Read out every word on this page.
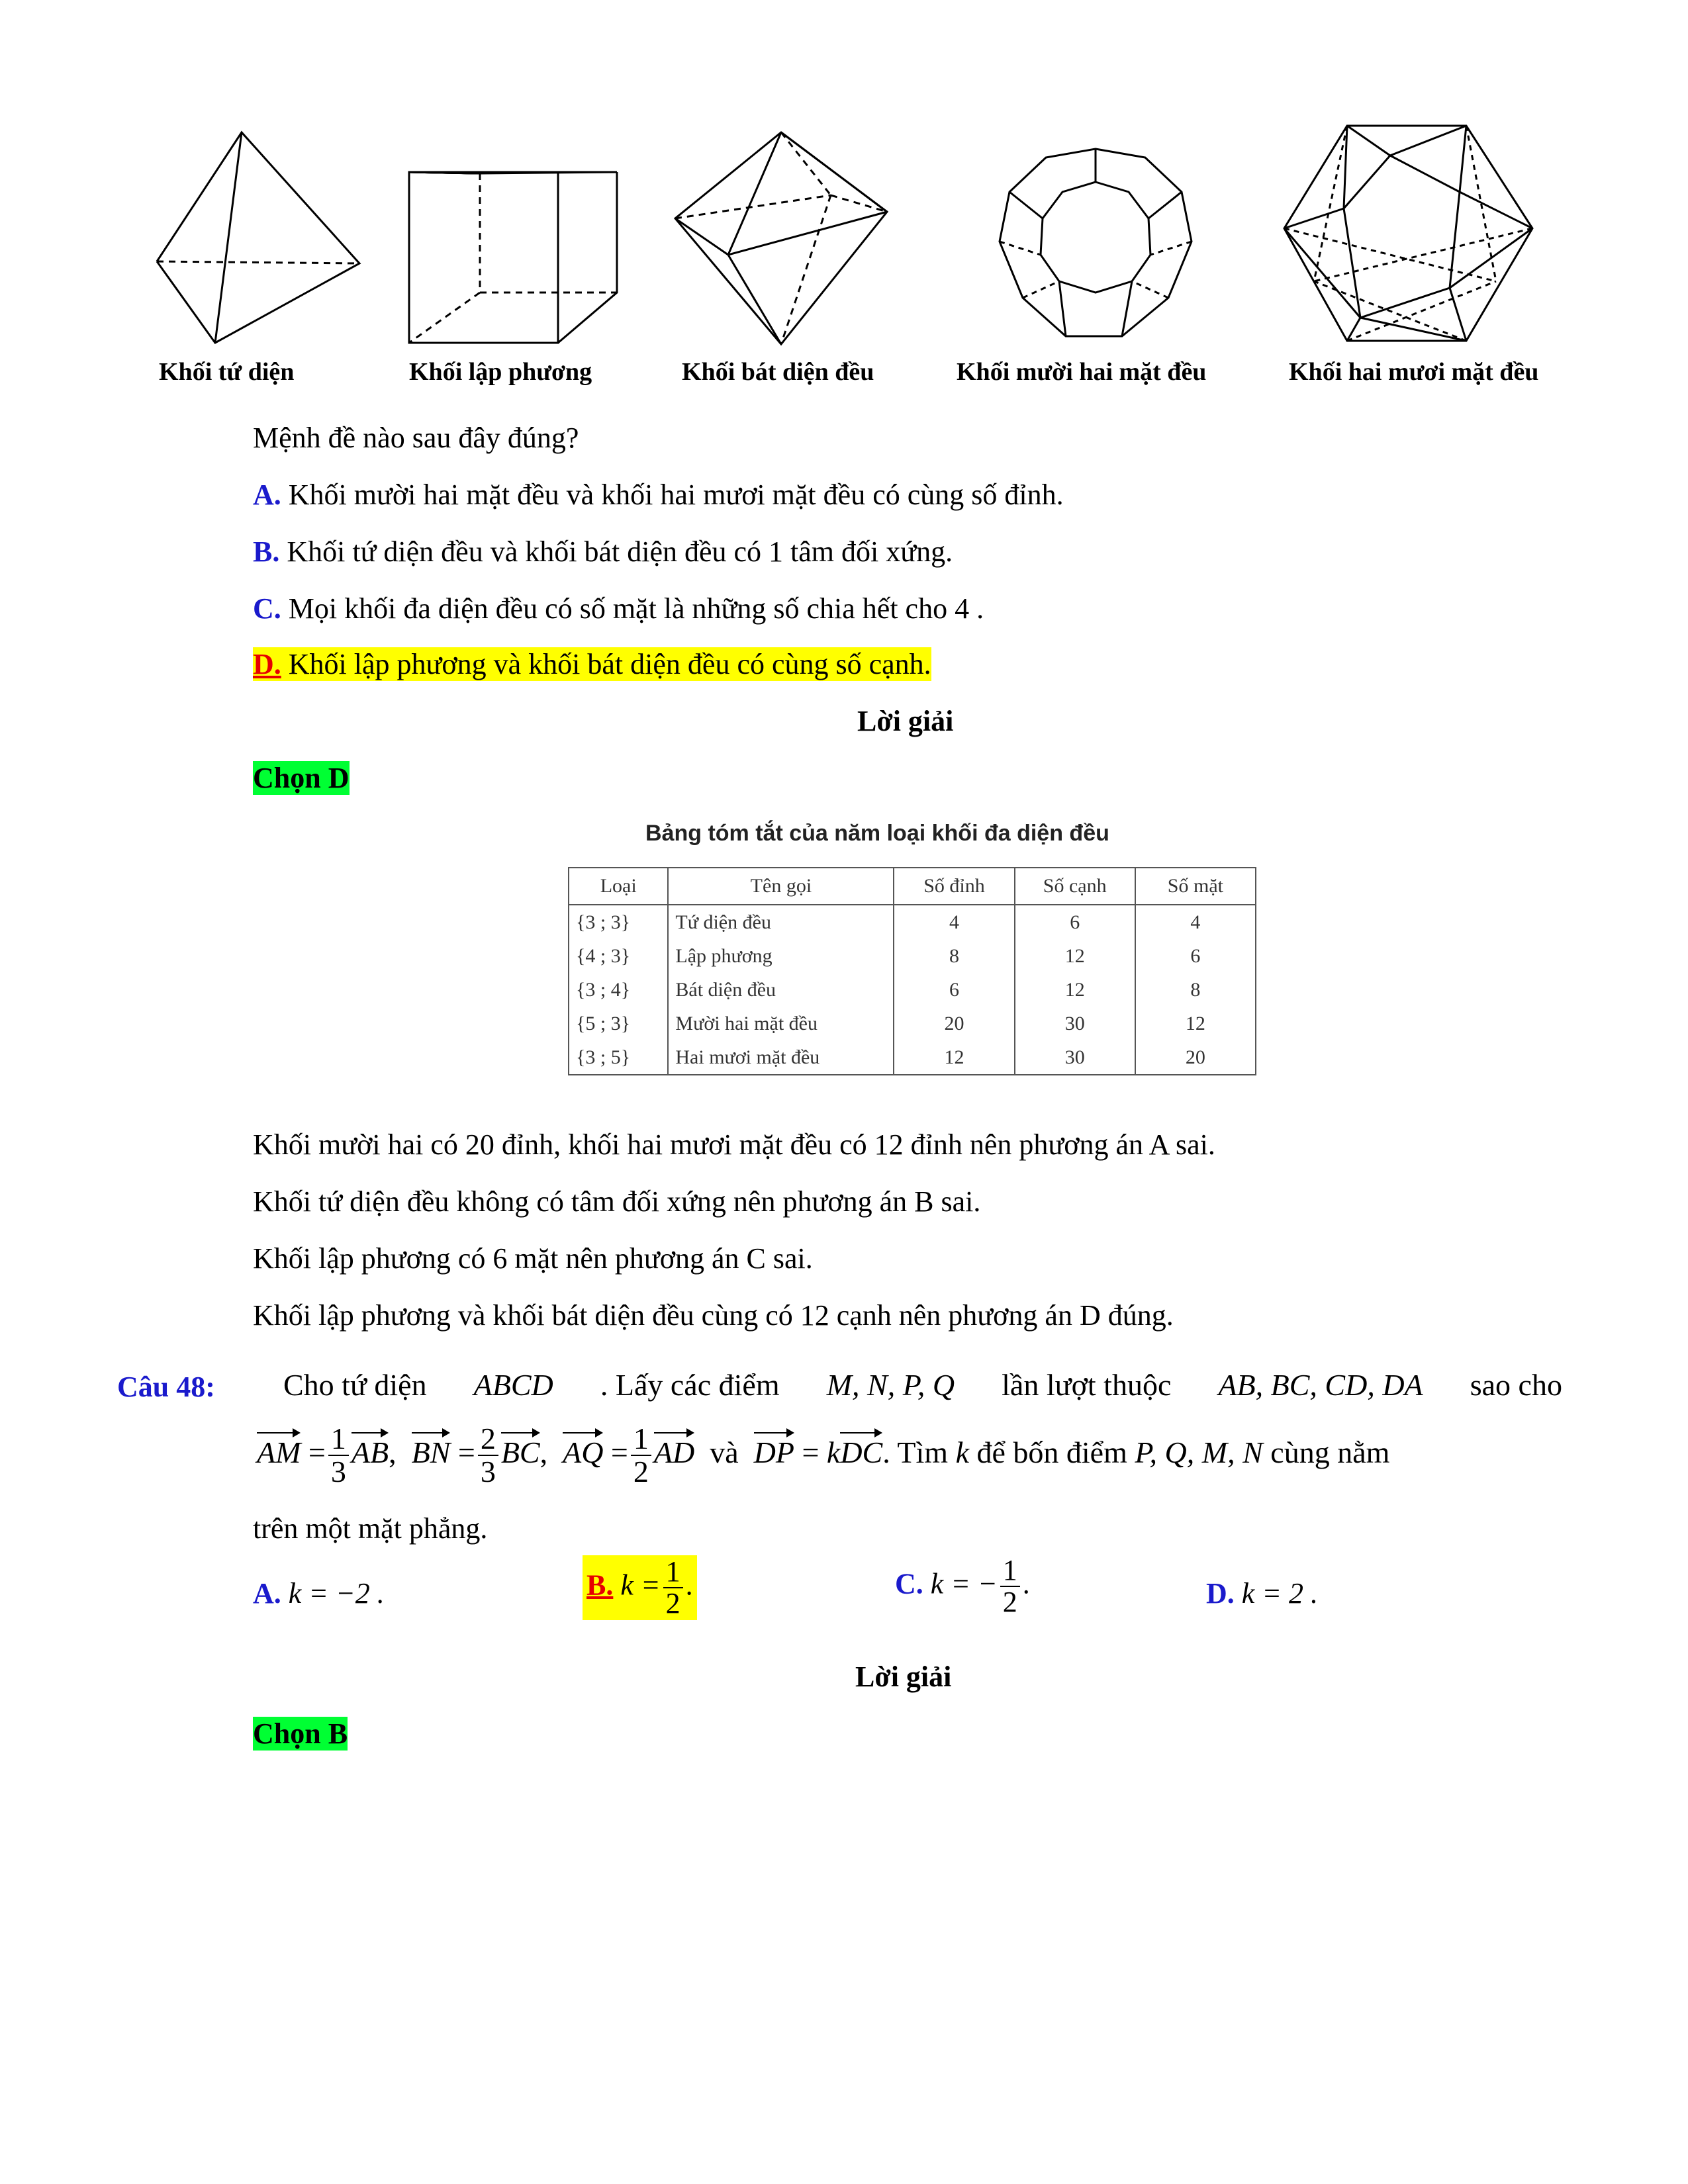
Khối tứ diện	Khối lập phương	Khối bát diện đều	Khối mười hai mặt đều	Khối hai mươi mặt đều
Mệnh đề nào sau đây đúng?
A. Khối mười hai mặt đều và khối hai mươi mặt đều có cùng số đỉnh.
B. Khối tứ diện đều và khối bát diện đều có 1 tâm đối xứng.
C. Mọi khối đa diện đều có số mặt là những số chia hết cho 4 .
D. Khối lập phương và khối bát diện đều có cùng số cạnh.
Lời giải
Chọn D
Bảng tóm tắt của năm loại khối đa diện đều
Loại	Tên gọi	Số đỉnh	Số cạnh	Số mặt
{3 ; 3}	Tứ diện đều	4	6	4
{4 ; 3}	Lập phương	8	12	6
{3 ; 4}	Bát diện đều	6	12	8
{5 ; 3}	Mười hai mặt đều	20	30	12
{3 ; 5}	Hai mươi mặt đều	12	30	20
Khối mười hai có 20 đỉnh, khối hai mươi mặt đều có 12 đỉnh nên phương án A sai.
Khối tứ diện đều không có tâm đối xứng nên phương án B sai.
Khối lập phương có 6 mặt nên phương án C sai.
Khối lập phương và khối bát diện đều cùng có 12 cạnh nên phương án D đúng.
Câu 48: Cho tứ diện ABCD . Lấy các điểm M, N, P, Q lần lượt thuộc AB, BC, CD, DA sao cho
AM = $\frac{1}{3}$ AB,  BN = $\frac{2}{3}$ BC,  AQ = $\frac{1}{2}$ AD và DP = kDC. Tìm k để bốn điểm P, Q, M, N cùng nằm
trên một mặt phẳng.
A. k = −2 .	B. $k = \frac{1}{2}$ .	C. k = − $\frac{1}{2}$ .	D. k = 2 .
Lời giải
Chọn B
